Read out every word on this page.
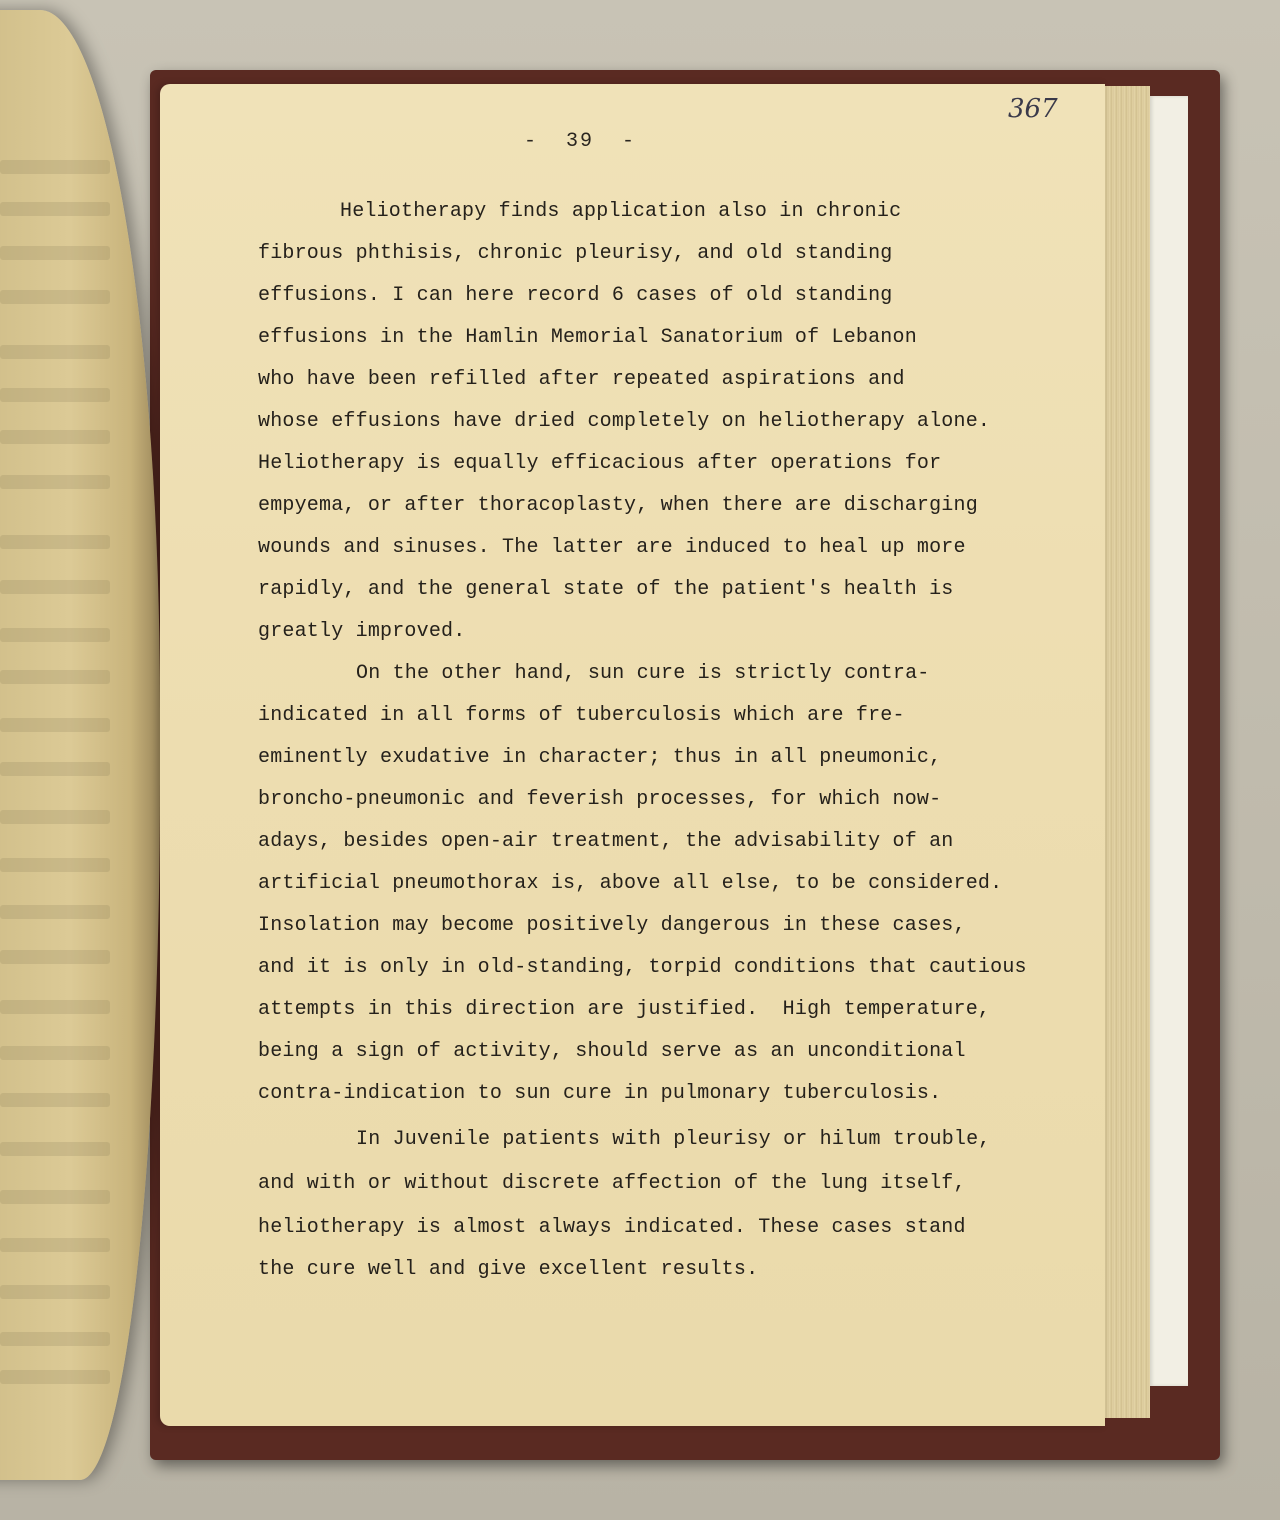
367
-  39  -
Heliotherapy finds application also in chronic
fibrous phthisis, chronic pleurisy, and old standing
effusions. I can here record 6 cases of old standing
effusions in the Hamlin Memorial Sanatorium of Lebanon
who have been refilled after repeated aspirations and
whose effusions have dried completely on heliotherapy alone.
Heliotherapy is equally efficacious after operations for
empyema, or after thoracoplasty, when there are discharging
wounds and sinuses. The latter are induced to heal up more
rapidly, and the general state of the patient's health is
greatly improved.
On the other hand, sun cure is strictly contra-
indicated in all forms of tuberculosis which are fre-
eminently exudative in character; thus in all pneumonic,
broncho-pneumonic and feverish processes, for which now-
adays, besides open-air treatment, the advisability of an
artificial pneumothorax is, above all else, to be considered.
Insolation may become positively dangerous in these cases,
and it is only in old-standing, torpid conditions that cautious
attempts in this direction are justified.  High temperature,
being a sign of activity, should serve as an unconditional
contra-indication to sun cure in pulmonary tuberculosis.
In Juvenile patients with pleurisy or hilum trouble,
and with or without discrete affection of the lung itself,
heliotherapy is almost always indicated. These cases stand
the cure well and give excellent results.
